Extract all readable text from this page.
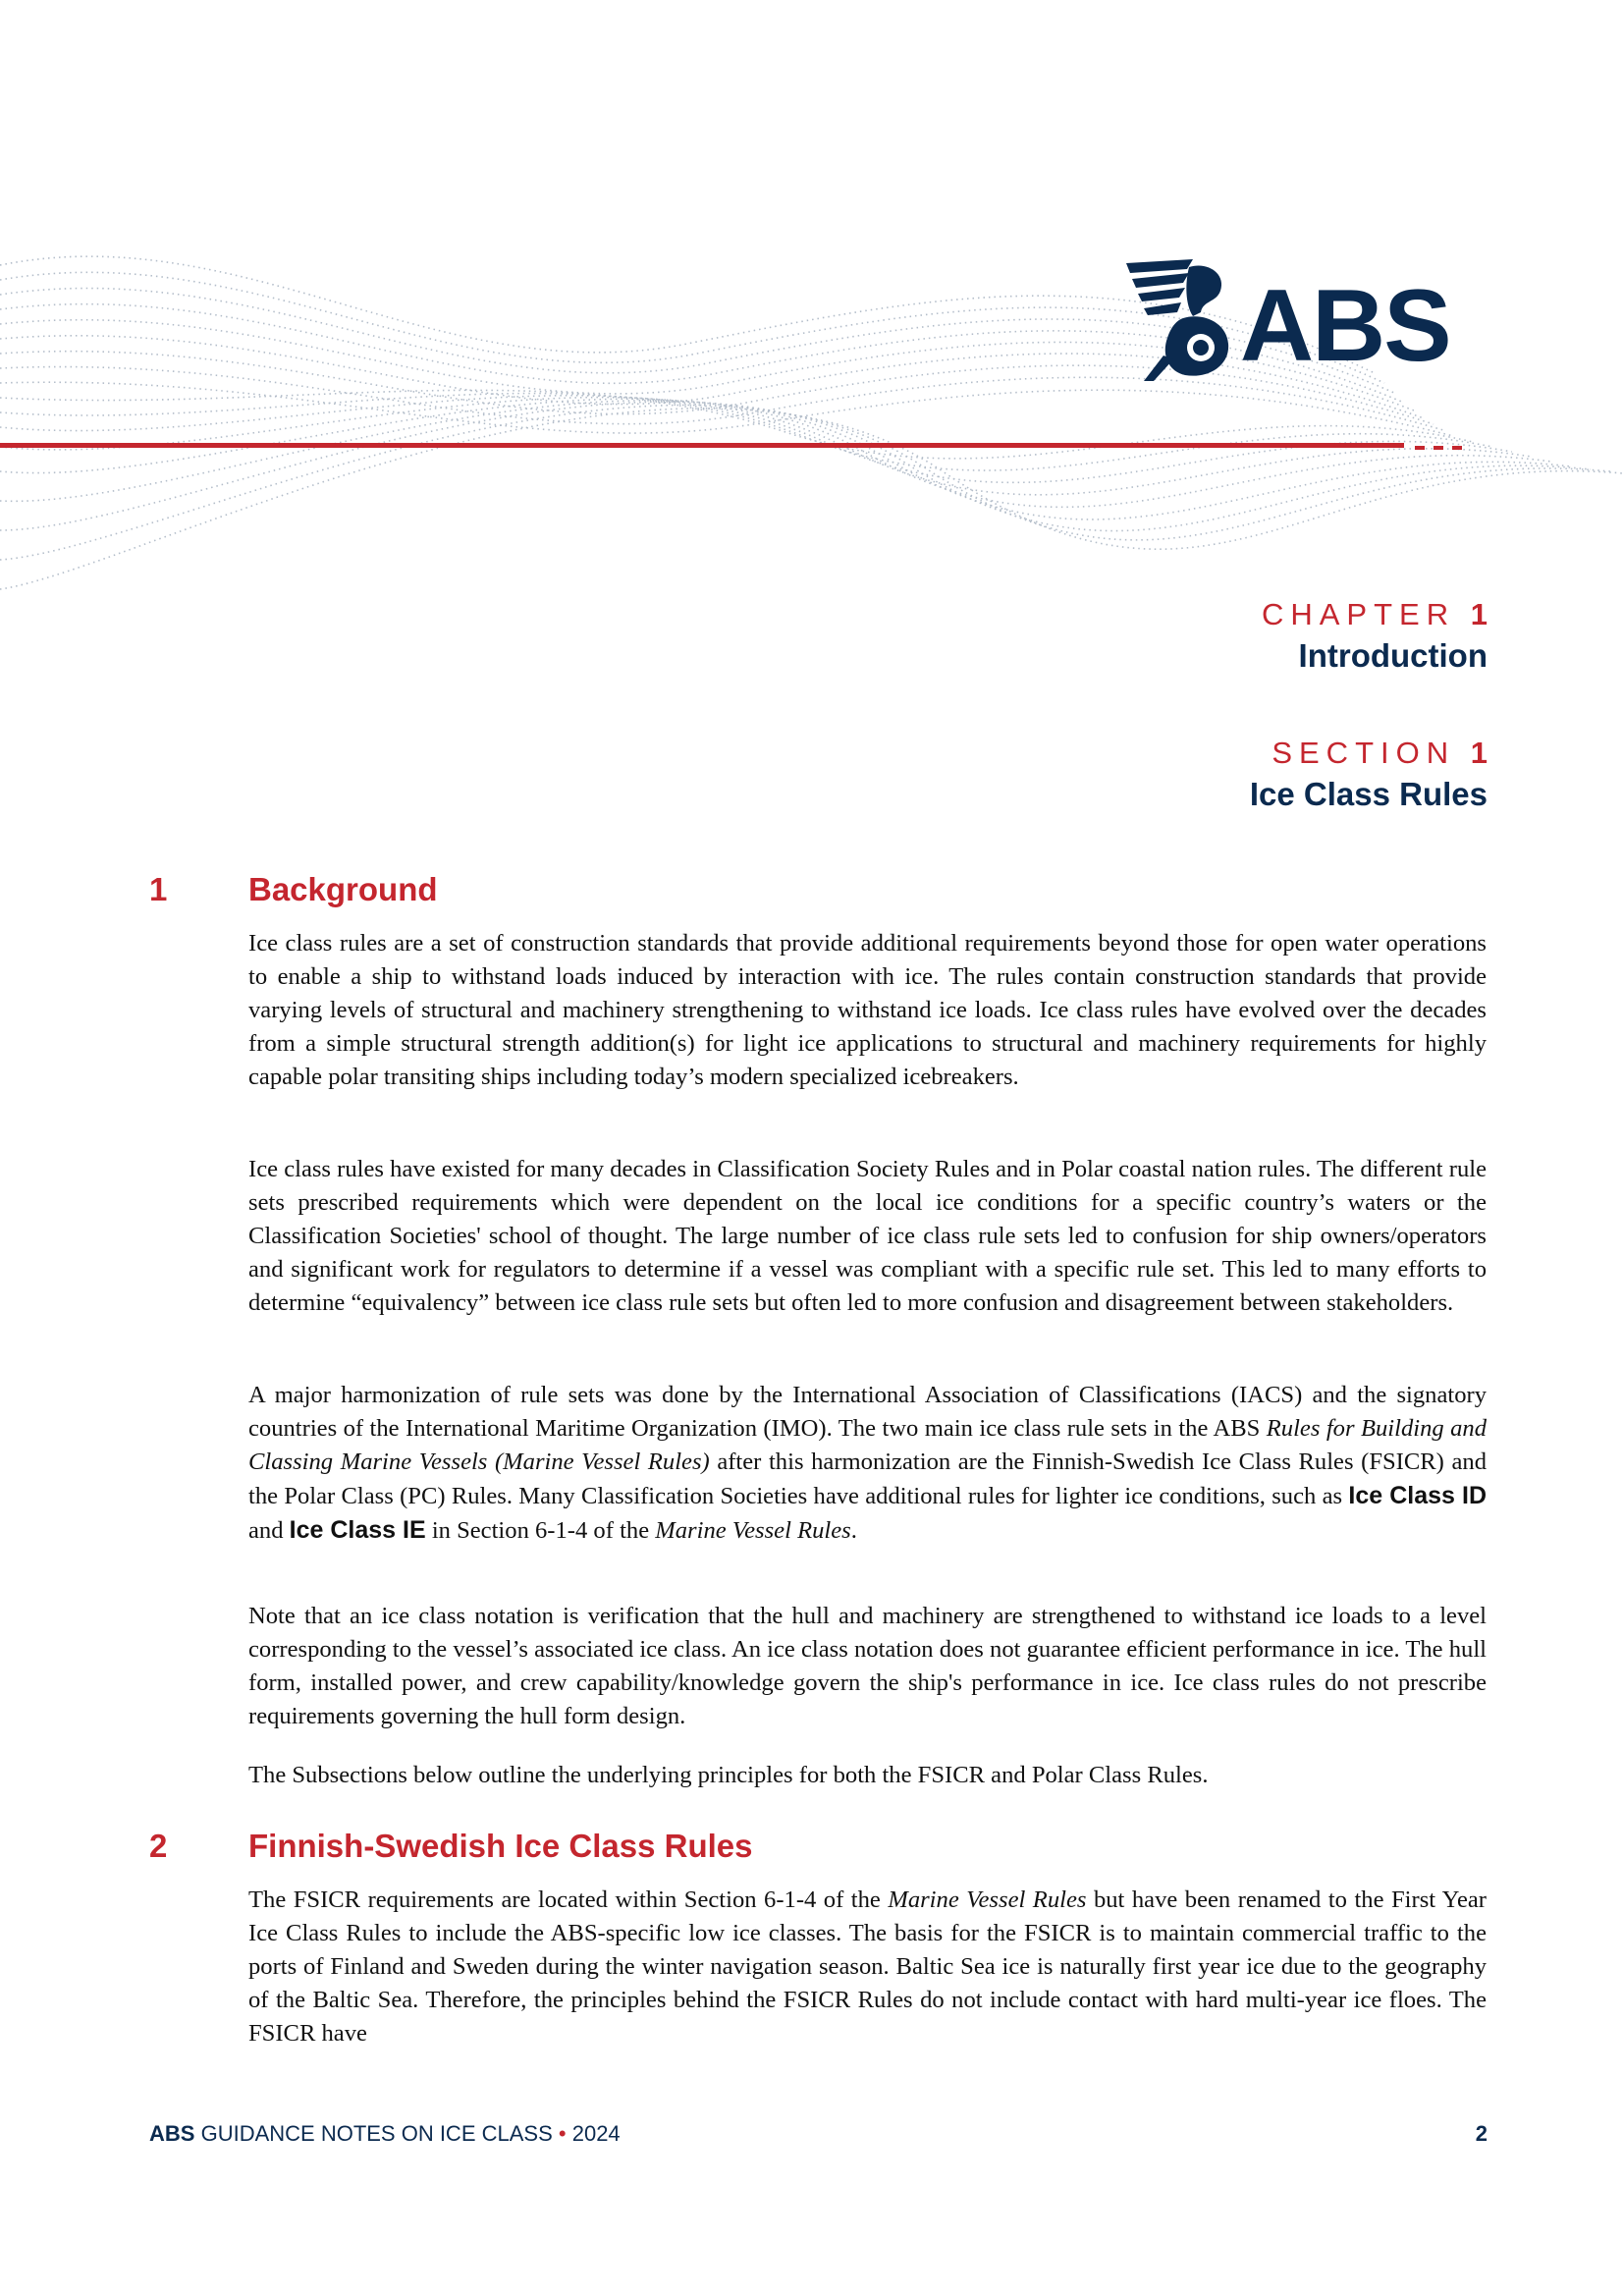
ABS
CHAPTER 1
Introduction
SECTION 1
Ice Class Rules
1	Background

Ice class rules are a set of construction standards that provide additional requirements beyond those for open water operations to enable a ship to withstand loads induced by interaction with ice. The rules contain construction standards that provide varying levels of structural and machinery strengthening to withstand ice loads. Ice class rules have evolved over the decades from a simple structural strength addition(s) for light ice applications to structural and machinery requirements for highly capable polar transiting ships including today’s modern specialized icebreakers.

Ice class rules have existed for many decades in Classification Society Rules and in Polar coastal nation rules. The different rule sets prescribed requirements which were dependent on the local ice conditions for a specific country’s waters or the Classification Societies' school of thought. The large number of ice class rule sets led to confusion for ship owners/operators and significant work for regulators to determine if a vessel was compliant with a specific rule set. This led to many efforts to determine “equivalency” between ice class rule sets but often led to more confusion and disagreement between stakeholders.

A major harmonization of rule sets was done by the International Association of Classifications (IACS) and the signatory countries of the International Maritime Organization (IMO). The two main ice class rule sets in the ABS Rules for Building and Classing Marine Vessels (Marine Vessel Rules) after this harmonization are the Finnish-Swedish Ice Class Rules (FSICR) and the Polar Class (PC) Rules. Many Classification Societies have additional rules for lighter ice conditions, such as Ice Class ID and Ice Class IE in Section 6-1-4 of the Marine Vessel Rules.

Note that an ice class notation is verification that the hull and machinery are strengthened to withstand ice loads to a level corresponding to the vessel’s associated ice class. An ice class notation does not guarantee efficient performance in ice. The hull form, installed power, and crew capability/knowledge govern the ship's performance in ice. Ice class rules do not prescribe requirements governing the hull form design.

The Subsections below outline the underlying principles for both the FSICR and Polar Class Rules.

2	Finnish-Swedish Ice Class Rules

The FSICR requirements are located within Section 6-1-4 of the Marine Vessel Rules but have been renamed to the First Year Ice Class Rules to include the ABS-specific low ice classes. The basis for the FSICR is to maintain commercial traffic to the ports of Finland and Sweden during the winter navigation season. Baltic Sea ice is naturally first year ice due to the geography of the Baltic Sea. Therefore, the principles behind the FSICR Rules do not include contact with hard multi-year ice floes. The FSICR have

ABS GUIDANCE NOTES ON ICE CLASS • 2024	2
